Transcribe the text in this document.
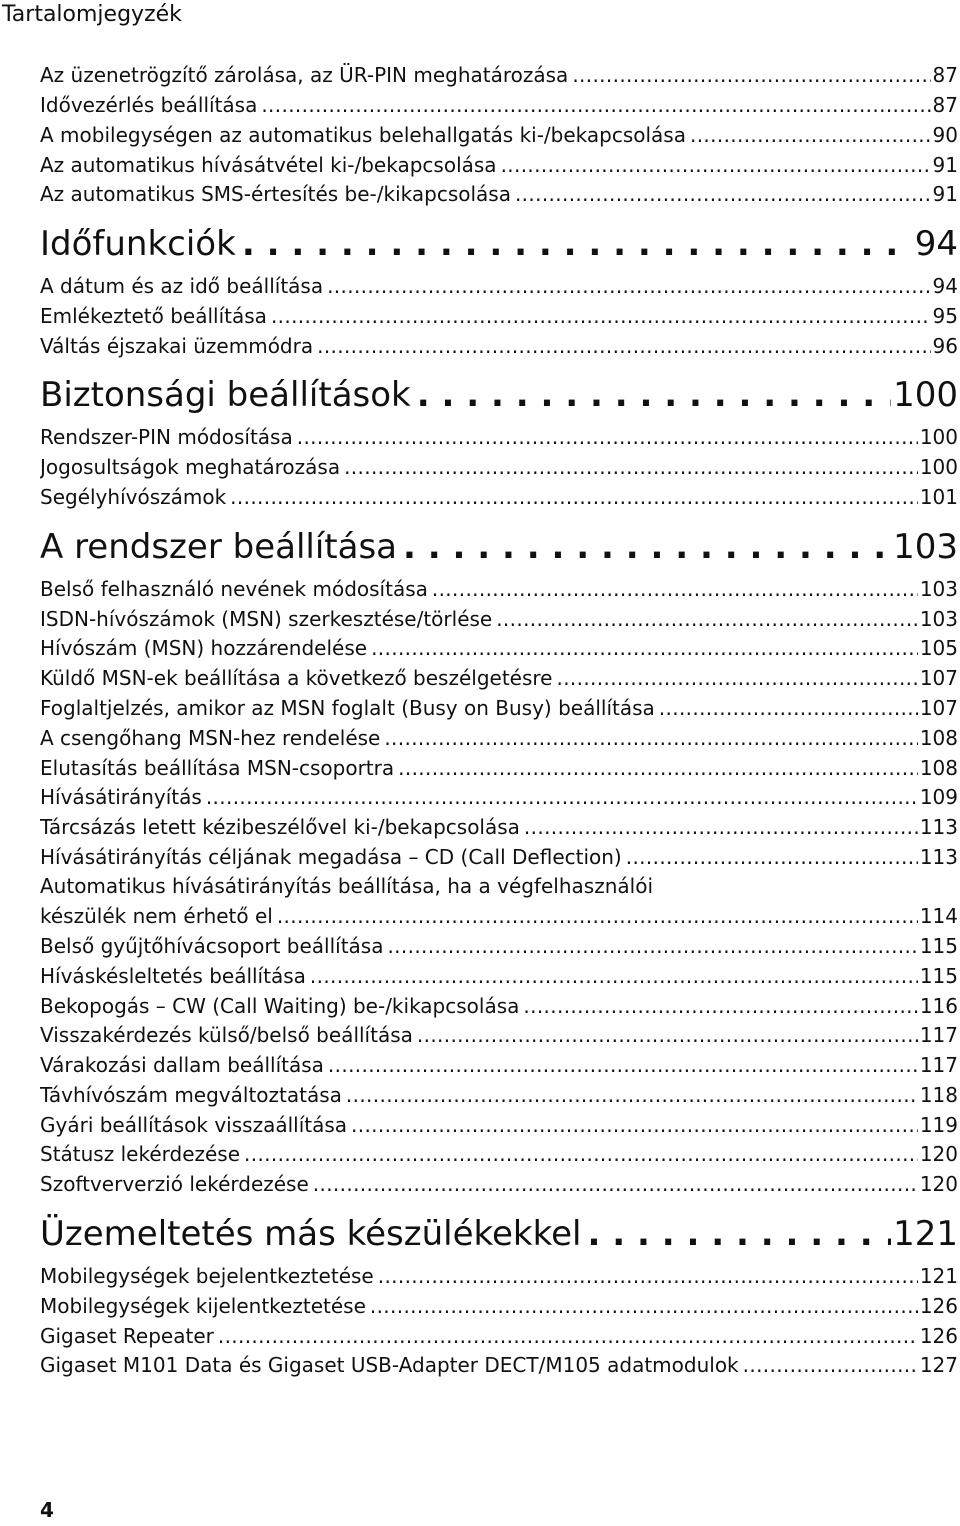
Tartalomjegyzék
Az üzenetrögzítő zárolása, az ÜR-PIN meghatározása . . .	87
Idővezérlés beállítása . . .	87
A mobilegységen az automatikus belehallgatás ki-/bekapcsolása . . .	90
Az automatikus hívásátvétel ki-/bekapcsolása . . .	91
Az automatikus SMS-értesítés be-/kikapcsolása . . .	91
Időfunkciók . . .	94
A dátum és az idő beállítása . . .	94
Emlékeztető beállítása . . .	95
Váltás éjszakai üzemmódra . . .	96
Biztonsági beállítások . . .	100
Rendszer-PIN módosítása . . .	100
Jogosultságok meghatározása . . .	100
Segélyhívószámok . . .	101
A rendszer beállítása . . .	103
Belső felhasználó nevének módosítása . . .	103
ISDN-hívószámok (MSN) szerkesztése/törlése . . .	103
Hívószám (MSN) hozzárendelése . . .	105
Küldő MSN-ek beállítása a következő beszélgetésre . . .	107
Foglaltjelzés, amikor az MSN foglalt (Busy on Busy) beállítása . . .	107
A csengőhang MSN-hez rendelése . . .	108
Elutasítás beállítása MSN-csoportra . . .	108
Hívásátirányítás . . .	109
Tárcsázás letett kézibeszélővel ki-/bekapcsolása . . .	113
Hívásátirányítás céljának megadása – CD (Call Deflection) . . .	113
Automatikus hívásátirányítás beállítása, ha a végfelhasználói
készülék nem érhető el . . .	114
Belső gyűjtőhívácsoport beállítása . . .	115
Híváskésleltetés beállítása . . .	115
Bekopogás – CW (Call Waiting) be-/kikapcsolása . . .	116
Visszakérdezés külső/belső beállítása . . .	117
Várakozási dallam beállítása . . .	117
Távhívószám megváltoztatása . . .	118
Gyári beállítások visszaállítása . . .	119
Státusz lekérdezése . . .	120
Szoftververzió lekérdezése . . .	120
Üzemeltetés más készülékekkel . . .	121
Mobilegységek bejelentkeztetése . . .	121
Mobilegységek kijelentkeztetése . . .	126
Gigaset Repeater . . .	126
Gigaset M101 Data és Gigaset USB-Adapter DECT/M105 adatmodulok . . .	127
4
